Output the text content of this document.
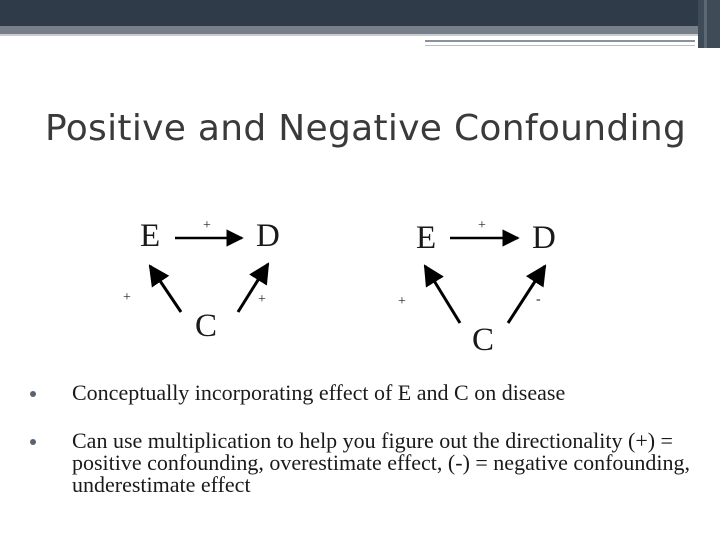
Positive and Negative Confounding
E	D
C
+
+	+
E	D
C
+
+	-
Conceptually incorporating effect of E and C on disease
Can use multiplication to help you figure out the directionality (+) = positive confounding, overestimate effect, (-) = negative confounding, underestimate effect
